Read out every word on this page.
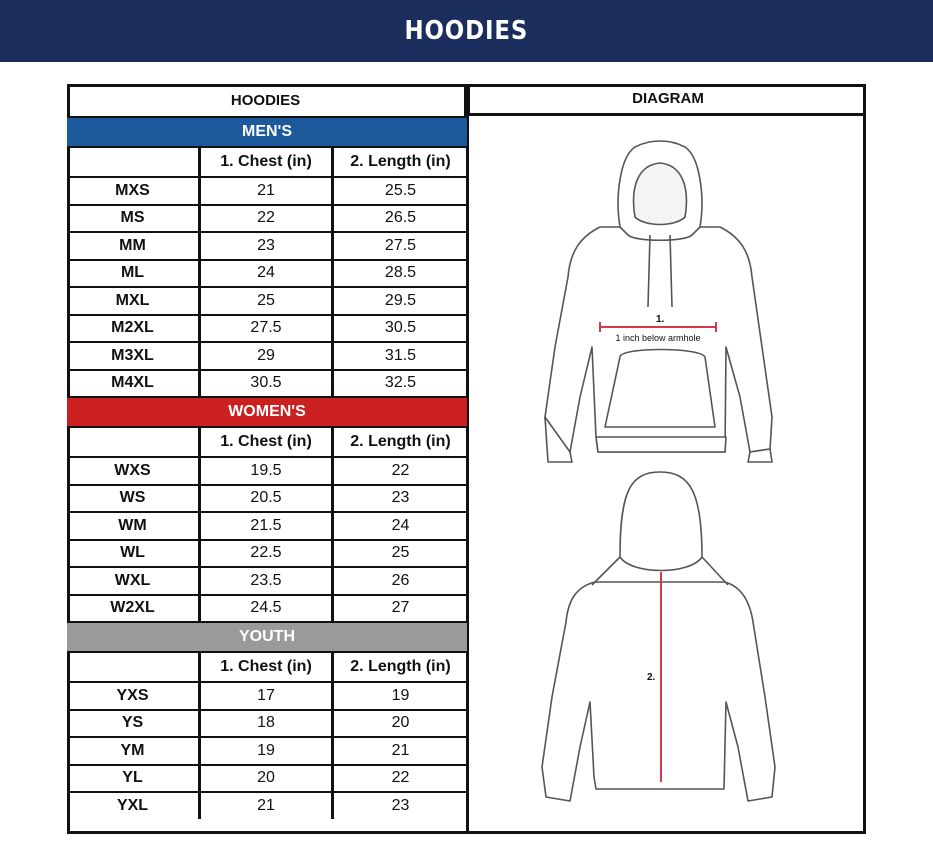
HOODIES
HOODIES
MEN'S
1. Chest (in)	2. Length (in)
MXS	21	25.5
MS	22	26.5
MM	23	27.5
ML	24	28.5
MXL	25	29.5
M2XL	27.5	30.5
M3XL	29	31.5
M4XL	30.5	32.5
WOMEN'S
1. Chest (in)	2. Length (in)
WXS	19.5	22
WS	20.5	23
WM	21.5	24
WL	22.5	25
WXL	23.5	26
W2XL	24.5	27
YOUTH
1. Chest (in)	2. Length (in)
YXS	17	19
YS	18	20
YM	19	21
YL	20	22
YXL	21	23
DIAGRAM
1.
1 inch below armhole
2.
